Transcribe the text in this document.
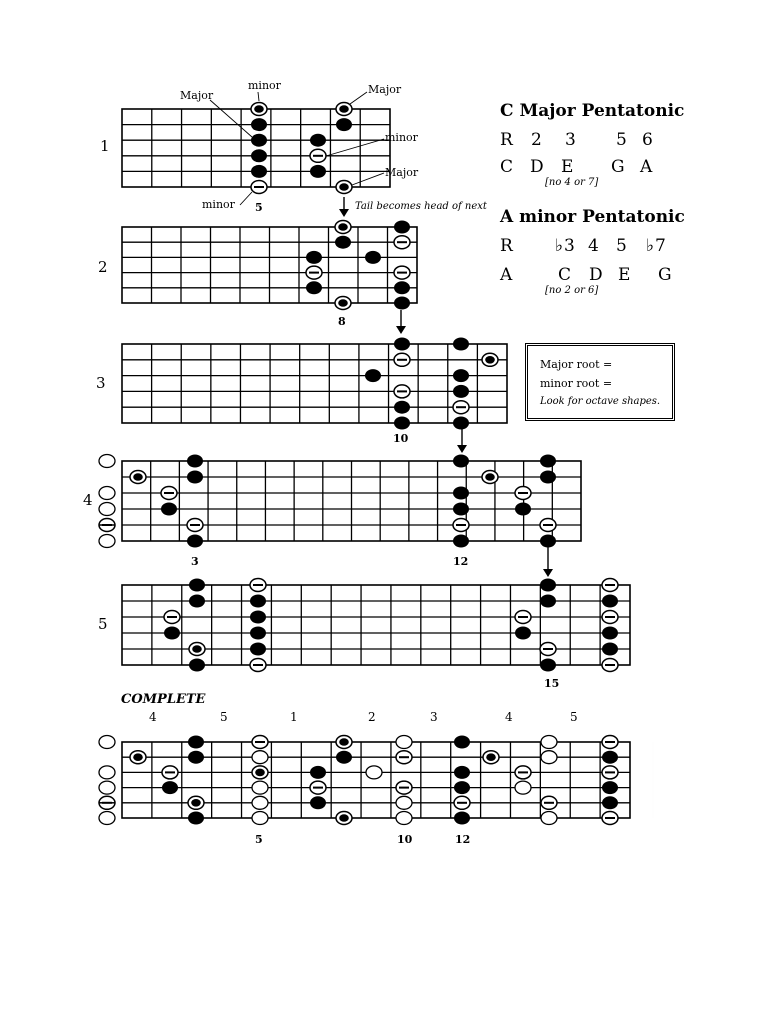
C Major Pentatonic
R 2 3 5 6
C D E G A
[no 4 or 7]
A minor Pentatonic
R ♭3 4 5 ♭7
A	C D E G
[no 2 or 6]
Major root =
minor root =
Look for octave shapes.
1
minor
Major	Major
minor
Major
minor 5	Tail becomes head of next
2
8
3
10
4
3	12
5
15
COMPLETE
4	5	1	2	3	4	5
5	10	12
